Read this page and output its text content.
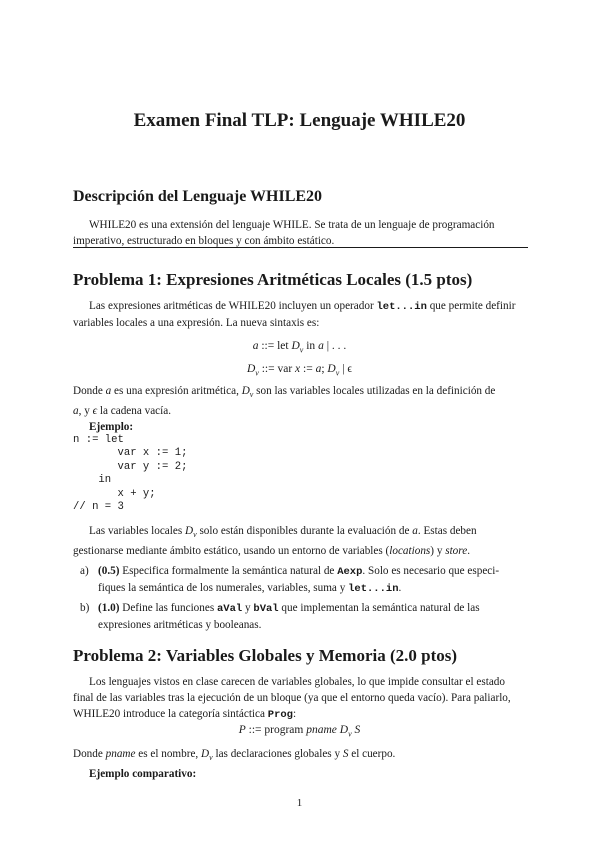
Examen Final TLP: Lenguaje WHILE20
Descripción del Lenguaje WHILE20
WHILE20 es una extensión del lenguaje WHILE. Se trata de un lenguaje de programación
imperativo, estructurado en bloques y con ámbito estático.
Problema 1: Expresiones Aritméticas Locales (1.5 ptos)
Las expresiones aritméticas de WHILE20 incluyen un operador let...in que permite definir
variables locales a una expresión. La nueva sintaxis es:
a ::= let $D_v$ in a | . . .
$D_v$ ::= var x := a; $D_v$ | ϵ
Donde a es una expresión aritmética, $D_v$ son las variables locales utilizadas en la definición de
a, y ϵ la cadena vacía.
Ejemplo:
n := let
var x := 1;
var y := 2;
in
x + y;
// n = 3
Las variables locales $D_v$ solo están disponibles durante la evaluación de a. Estas deben
gestionarse mediante ámbito estático, usando un entorno de variables (locations) y store.
a) (0.5) Especifica formalmente la semántica natural de Aexp. Solo es necesario que especi-
fiques la semántica de los numerales, variables, suma y let...in.
b) (1.0) Define las funciones aVal y bVal que implementan la semántica natural de las
expresiones aritméticas y booleanas.
Problema 2: Variables Globales y Memoria (2.0 ptos)
Los lenguajes vistos en clase carecen de variables globales, lo que impide consultar el estado
final de las variables tras la ejecución de un bloque (ya que el entorno queda vacío). Para paliarlo,
WHILE20 introduce la categoría sintáctica Prog:
P ::= program pname $D_v$ S
Donde pname es el nombre, $D_v$ las declaraciones globales y S el cuerpo.
Ejemplo comparativo:
1
